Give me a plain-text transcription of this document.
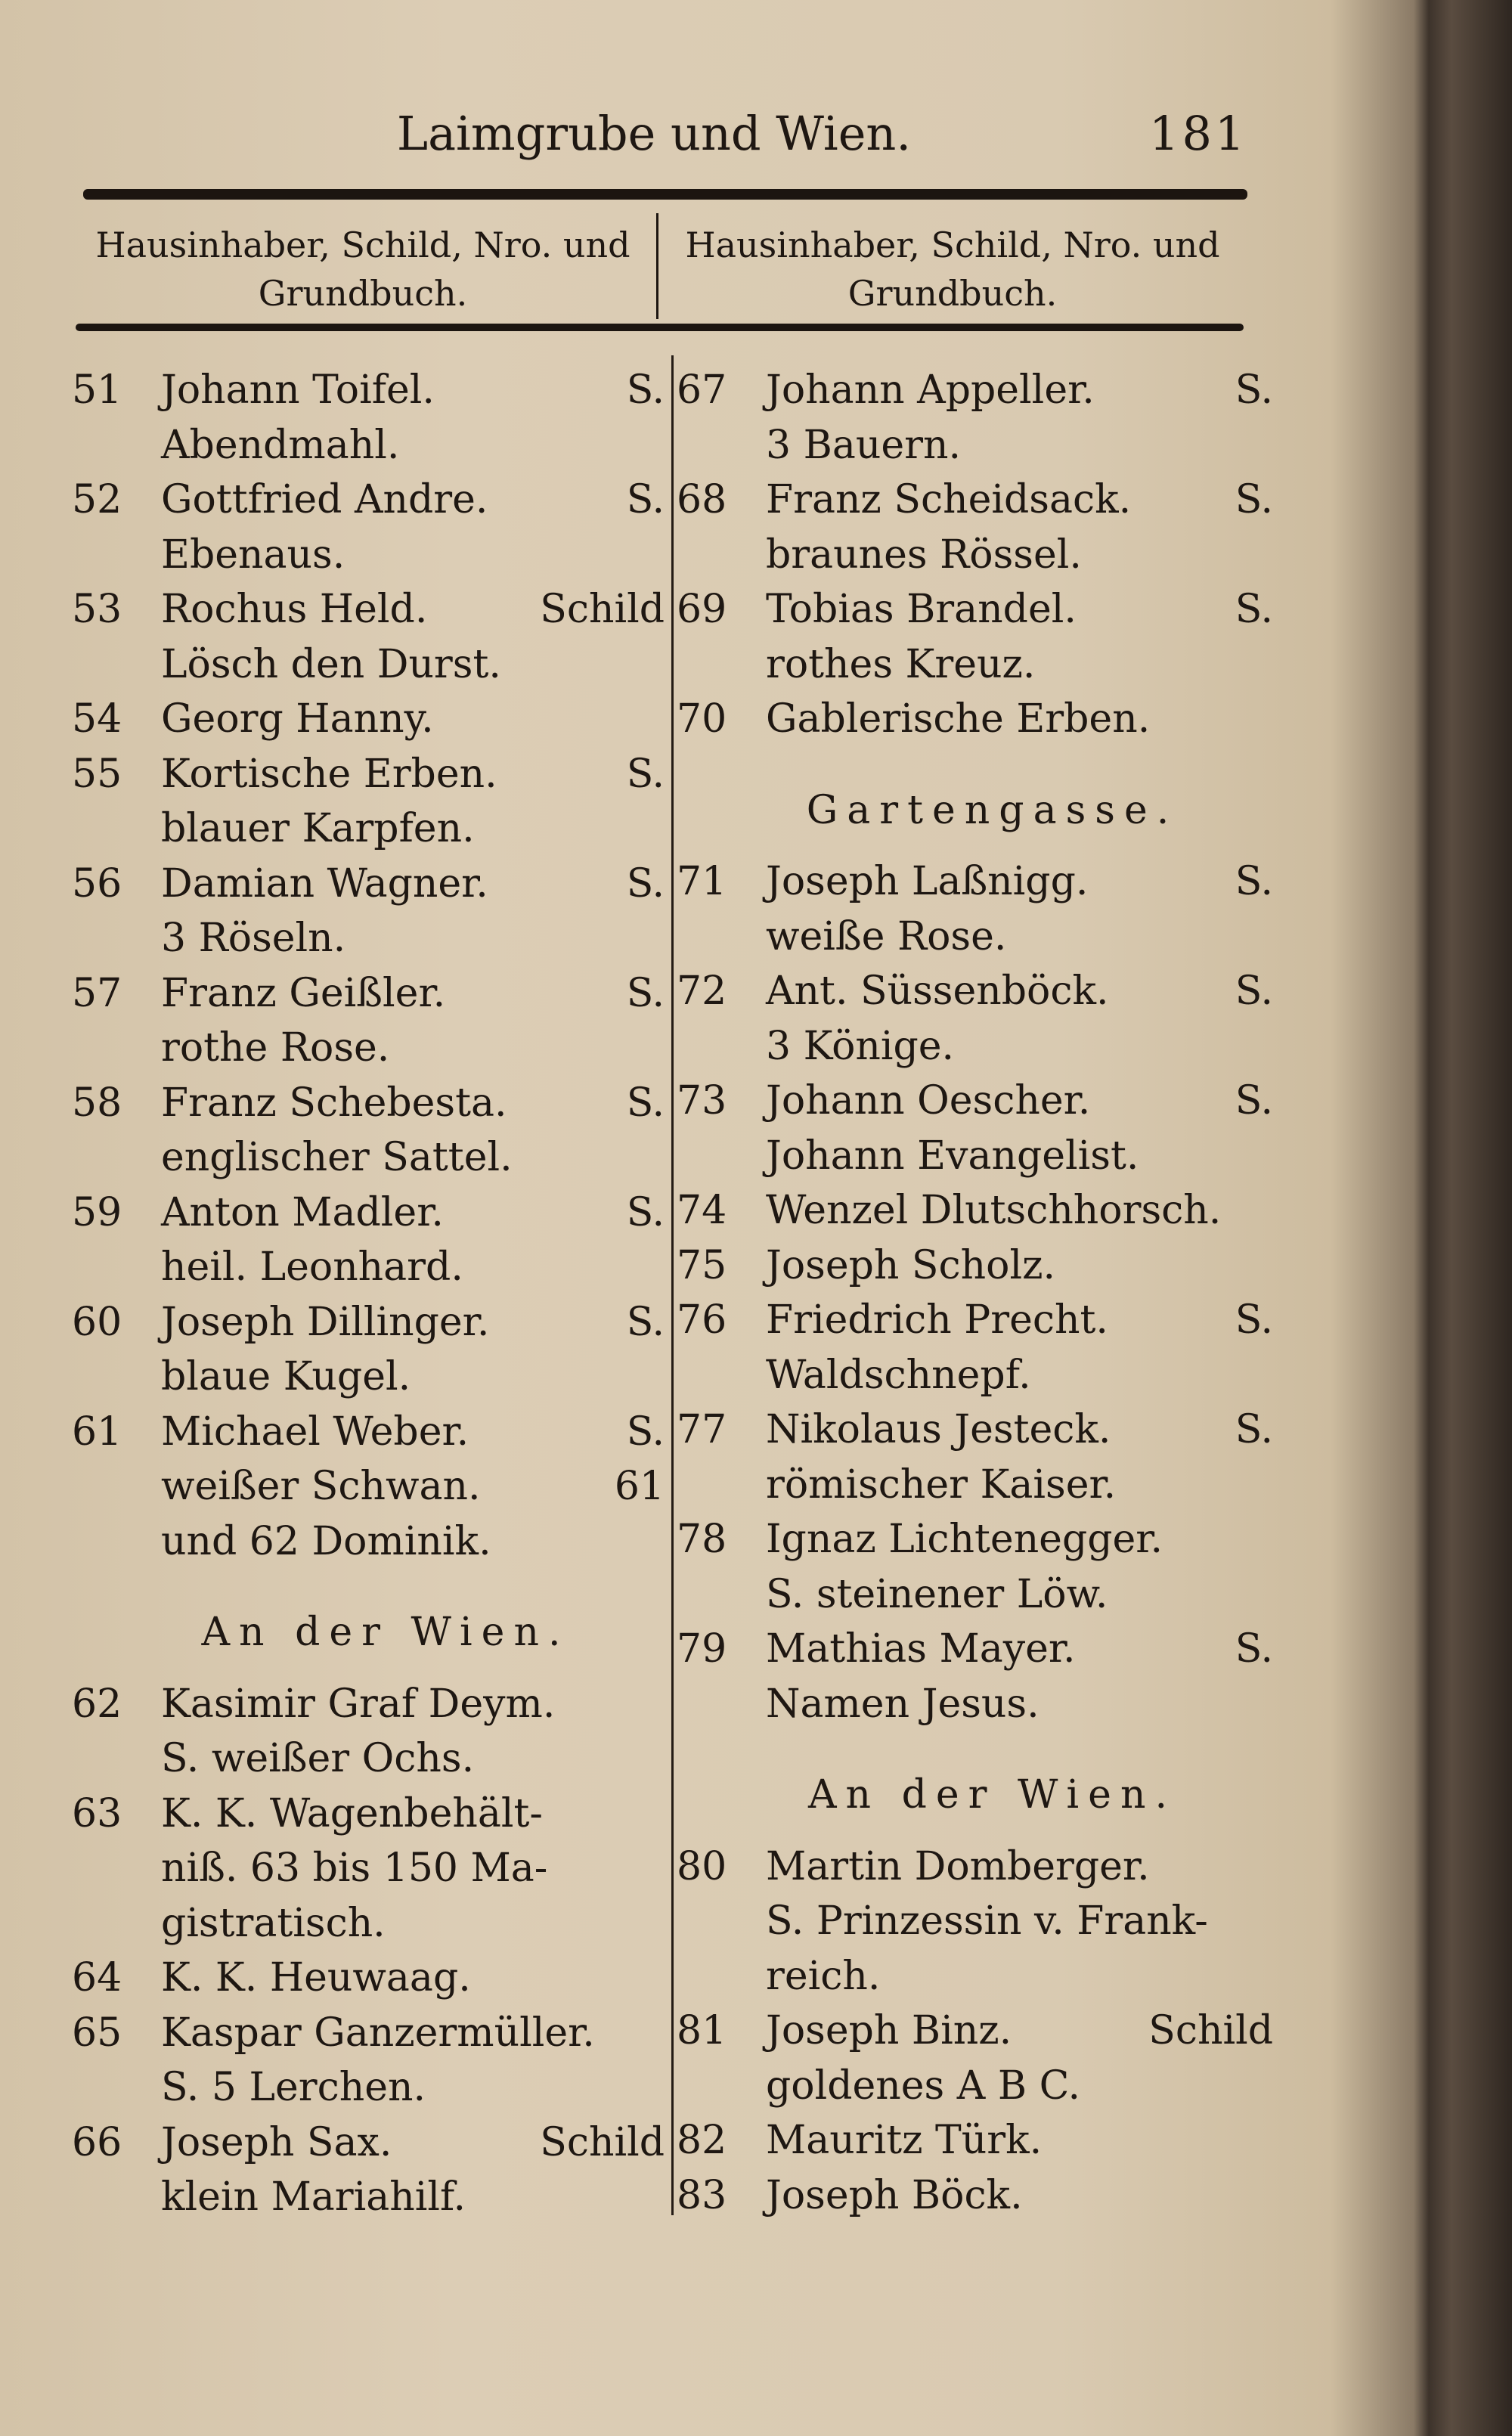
Laimgrube und Wien.	181
Hausinhaber, Schild, Nro. und Grundbuch.
Hausinhaber, Schild, Nro. und Grundbuch.
51 Johann Toifel.	S.
Abendmahl.
52 Gottfried Andre.	S.
Ebenaus.
53 Rochus Held.	Schild
Lösch den Durst.
54 Georg Hanny.
55 Kortische Erben.	S.
blauer Karpfen.
56 Damian Wagner.	S.
3 Röseln.
57 Franz Geißler.	S.
rothe Rose.
58 Franz Schebesta.	S.
englischer Sattel.
59 Anton Madler.	S.
heil. Leonhard.
60 Joseph Dillinger.	S.
blaue Kugel.
61 Michael Weber.	S.
weißer Schwan.	61
und 62 Dominik.
An der Wien.
62 Kasimir Graf Deym.
S. weißer Ochs.
63 K. K. Wagenbehält-
niß. 63 bis 150 Ma-
gistratisch.
64 K. K. Heuwaag.
65 Kaspar Ganzermüller.
S. 5 Lerchen.
66 Joseph Sax.	Schild
klein Mariahilf.
67 Johann Appeller.	S.
3 Bauern.
68 Franz Scheidsack.	S.
braunes Rössel.
69 Tobias Brandel.	S.
rothes Kreuz.
70 Gablerische Erben.
Gartengasse.
71 Joseph Laßnigg.	S.
weiße Rose.
72 Ant. Süssenböck.	S.
3 Könige.
73 Johann Oescher.	S.
Johann Evangelist.
74 Wenzel Dlutschhorsch.
75 Joseph Scholz.
76 Friedrich Precht.	S.
Waldschnepf.
77 Nikolaus Jesteck.	S.
römischer Kaiser.
78 Ignaz Lichtenegger.
S. steinener Löw.
79 Mathias Mayer.	S.
Namen Jesus.
An der Wien.
80 Martin Domberger.
S. Prinzessin v. Frank-
reich.
81 Joseph Binz.	Schild
goldenes A B C.
82 Mauritz Türk.
83 Joseph Böck.
